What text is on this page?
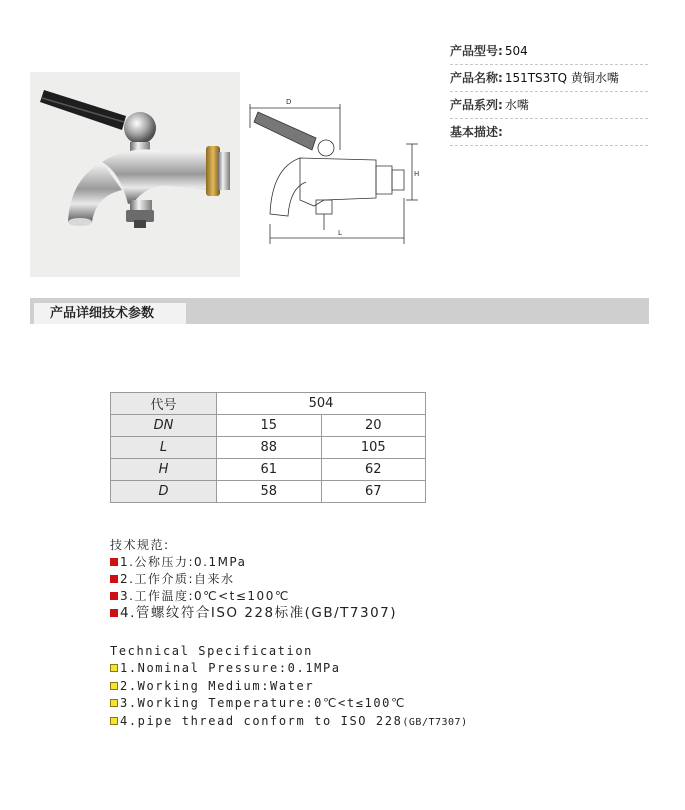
D
H
L
产品型号: 504
产品名称: 151TS3TQ 黄铜水嘴
产品系列: 水嘴
基本描述:
产品详细技术参数
代号	504	
DN	15	20
L	88	105
H	61	62
D	58	67
技术规范:
1.公称压力:0.1MPa
2.工作介质:自来水
3.工作温度:0℃<t≤100℃
4.管螺纹符合ISO 228标准(GB/T7307)
Technical Specification
1.Nominal Pressure:0.1MPa
2.Working Medium:Water
3.Working Temperature:0℃<t≤100℃
4.pipe thread conform to ISO 228(GB/T7307)
